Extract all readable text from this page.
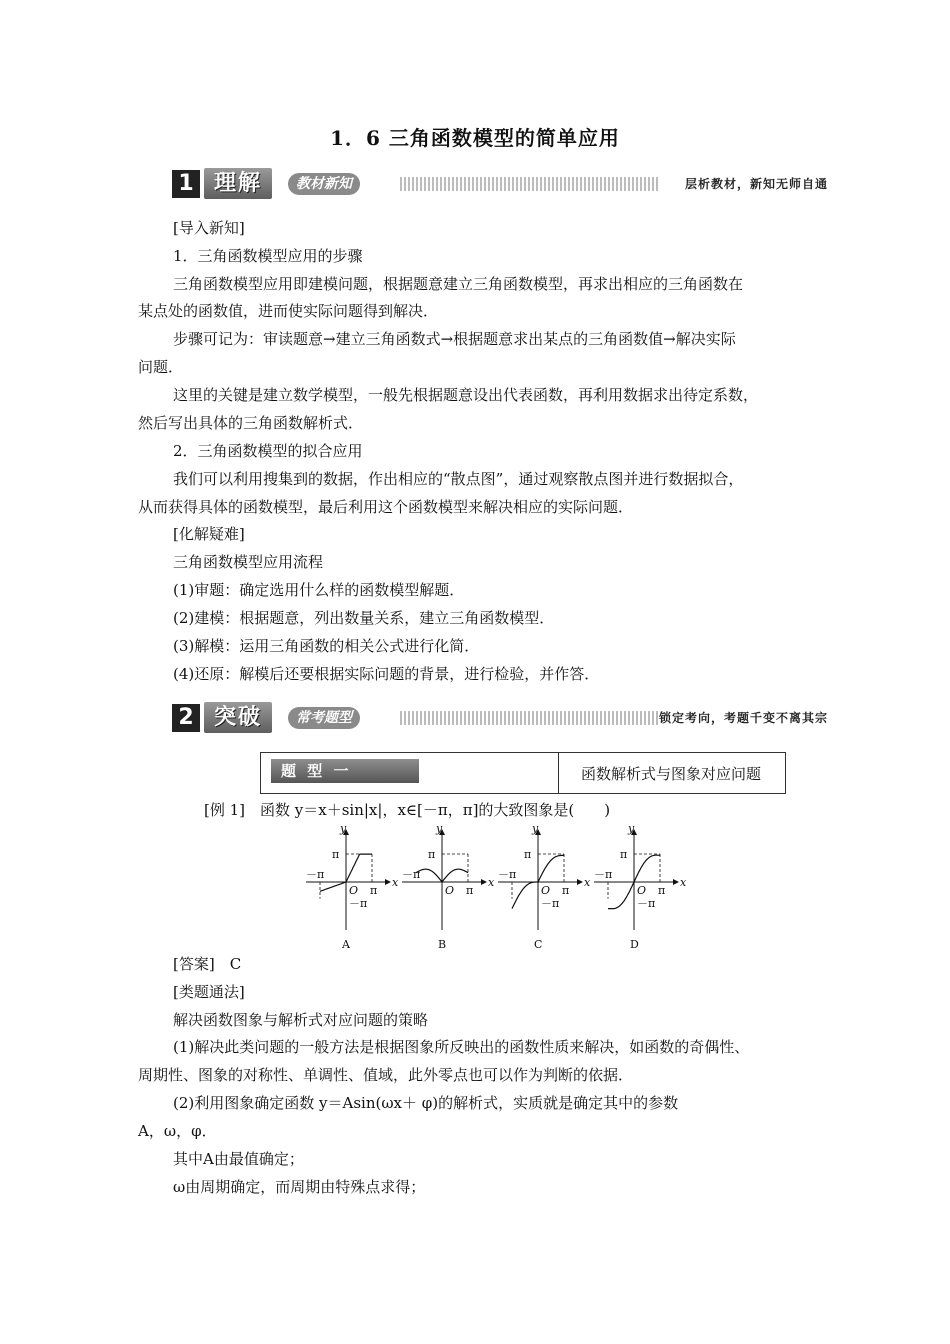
1．6 三角函数模型的简单应用
1 理解	教材新知	层析教材，新知无师自通
[导入新知]
1．三角函数模型应用的步骤
三角函数模型应用即建模问题，根据题意建立三角函数模型，再求出相应的三角函数在
某点处的函数值，进而使实际问题得到解决．
步骤可记为：审读题意→建立三角函数式→根据题意求出某点的三角函数值→解决实际
问题．
这里的关键是建立数学模型，一般先根据题意设出代表函数，再利用数据求出待定系数，
然后写出具体的三角函数解析式．
2．三角函数模型的拟合应用
我们可以利用搜集到的数据，作出相应的“散点图”，通过观察散点图并进行数据拟合，
从而获得具体的函数模型，最后利用这个函数模型来解决相应的实际问题．
[化解疑难]
三角函数模型应用流程
(1)审题：确定选用什么样的函数模型解题．
(2)建模：根据题意，列出数量关系，建立三角函数模型．
(3)解模：运用三角函数的相关公式进行化简．
(4)还原：解模后还要根据实际问题的背景，进行检验，并作答．
2 突破	常考题型	锁定考向，考题千变不离其宗
题 型 一	函数解析式与图象对应问题
[例 1]　函数 y＝x＋sin|x|，x∈[－π，π]的大致图象是(　　)
y
x
O
π
π
－π
－π
A
y
x
O
π
π
－π
B
y
x
O
π
π
－π
－π
C
y
x
O
π
π
－π
－π
D
[答案]　C
[类题通法]
解决函数图象与解析式对应问题的策略
(1)解决此类问题的一般方法是根据图象所反映出的函数性质来解决，如函数的奇偶性、
周期性、图象的对称性、单调性、值域，此外零点也可以作为判断的依据．
(2)利用图象确定函数 y＝Asin(ωx＋ φ)的解析式，实质就是确定其中的参数
A，ω，φ．
其中A由最值确定；
ω由周期确定，而周期由特殊点求得；
